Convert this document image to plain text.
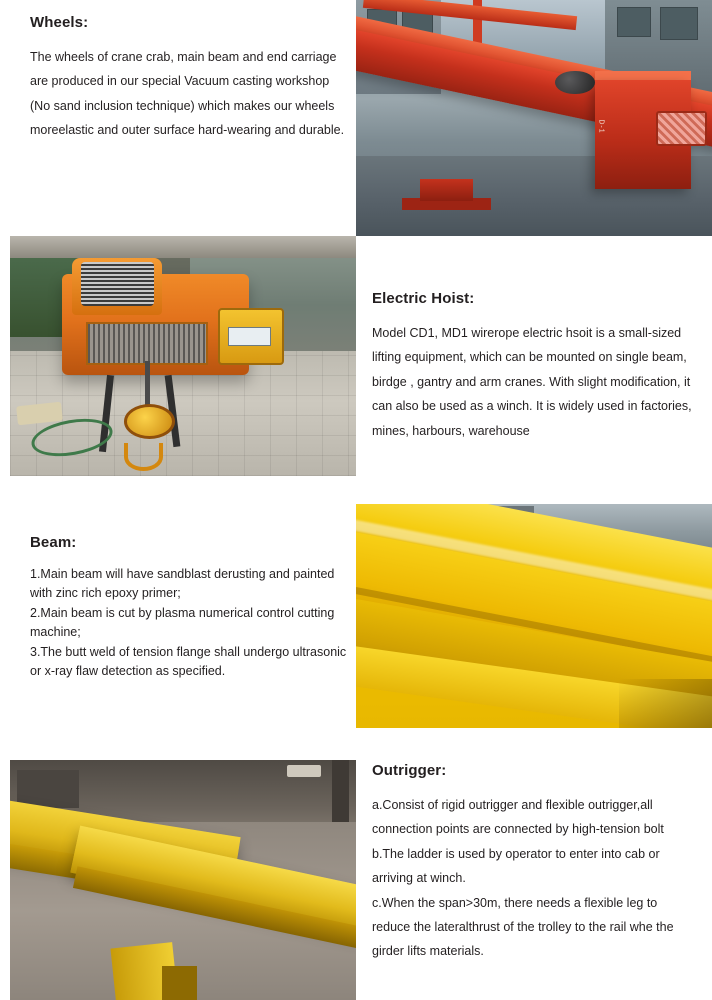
Wheels:

The wheels of crane crab, main beam and end carriage are produced in our special Vacuum casting workshop (No sand inclusion technique) which makes our wheels moreelastic and outer surface hard-wearing and durable.	D-1
Electric Hoist:

Model CD1, MD1 wirerope electric hsoit is a small-sized lifting equipment, which can be mounted on single beam, birdge , gantry and arm cranes. With slight modification, it can also be used as a winch. It is widely used in factories, mines, harbours, warehouse

Beam:

1.Main beam will have sandblast derusting and painted with zinc rich epoxy primer;

2.Main beam is cut by plasma numerical control cutting machine;

3.The butt weld of tension flange shall undergo ultrasonic or x-ray flaw detection as specified.

Outrigger:

a.Consist of rigid outrigger and flexible outrigger,all connection points are connected by high-tension bolt

b.The ladder is used by operator to enter into cab or arriving at winch.

c.When the span>30m, there needs a flexible leg to reduce the lateralthrust of the trolley to the rail whe the girder lifts materials.
